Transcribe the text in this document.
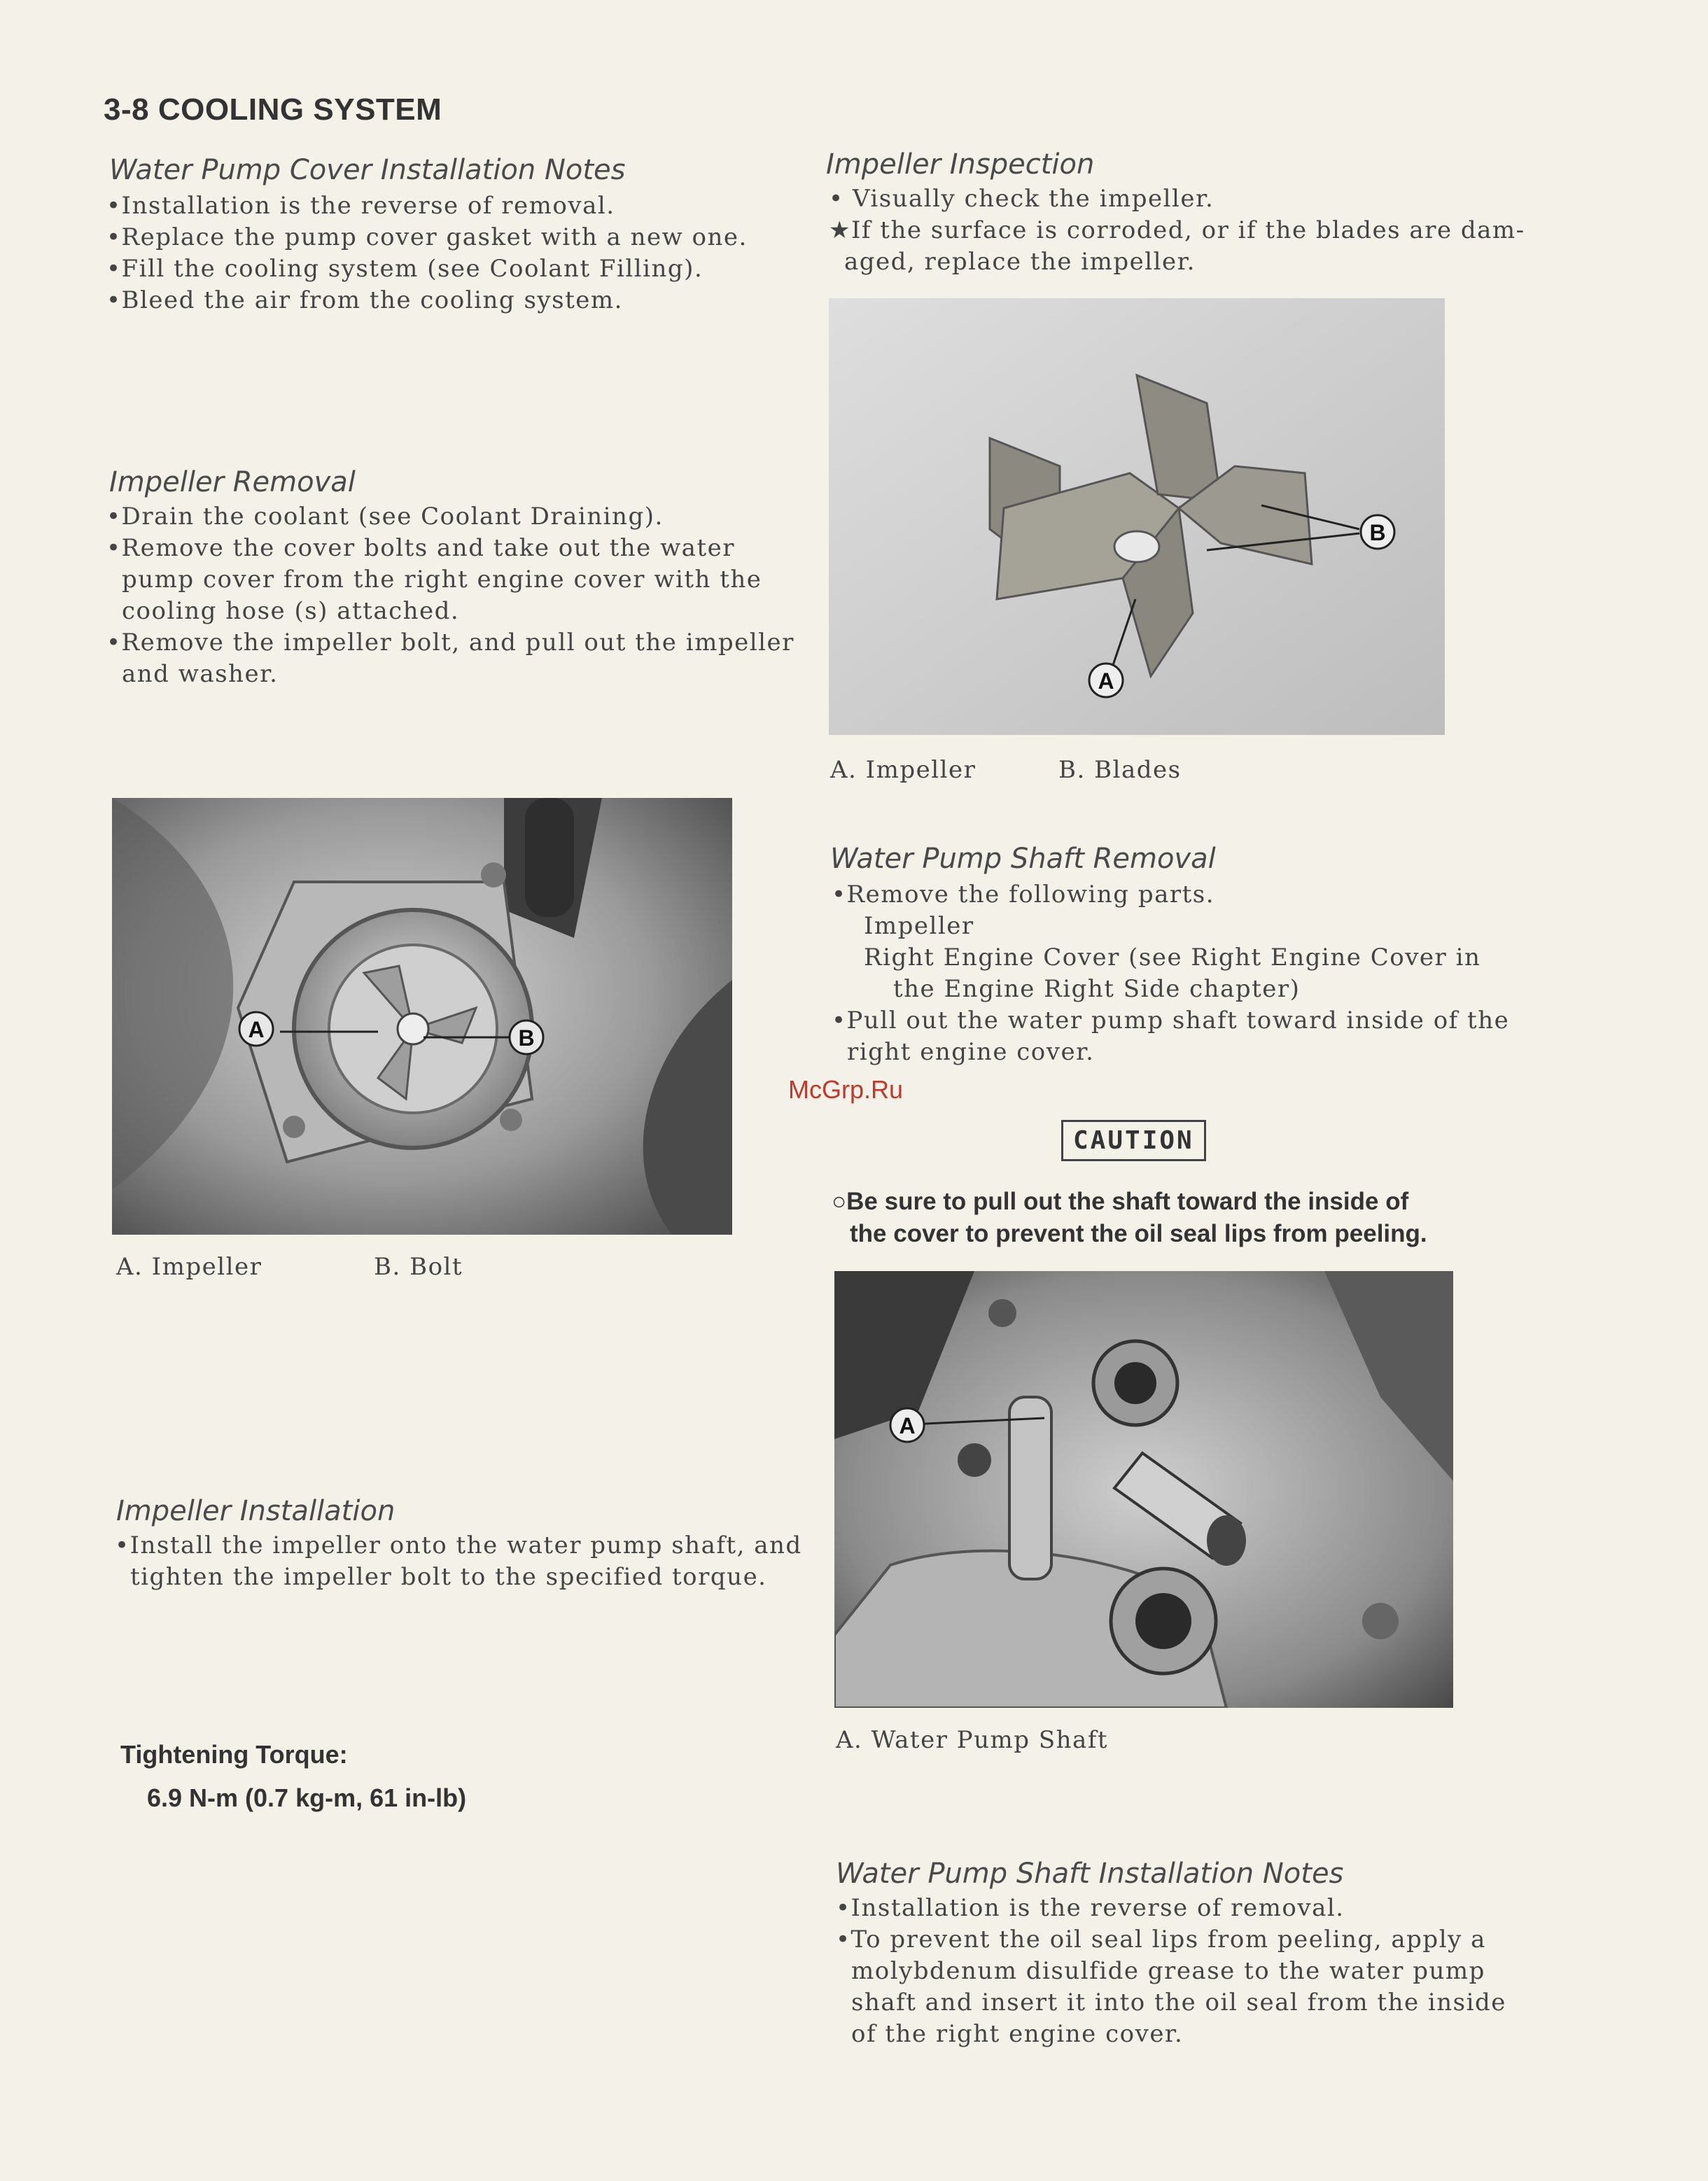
3-8 COOLING SYSTEM
Water Pump Cover Installation Notes
•Installation is the reverse of removal.
•Replace the pump cover gasket with a new one.
•Fill the cooling system (see Coolant Filling).
•Bleed the air from the cooling system.
Impeller Removal
•Drain the coolant (see Coolant Draining).
•Remove the cover bolts and take out the water
pump cover from the right engine cover with the
cooling hose (s) attached.
•Remove the impeller bolt, and pull out the impeller
and washer.
A	B
A. Impeller	B. Bolt
Impeller Installation
•Install the impeller onto the water pump shaft, and
tighten the impeller bolt to the specified torque.
Tightening Torque:
6.9 N-m (0.7 kg-m, 61 in-lb)
Impeller Inspection
• Visually check the impeller.
★If the surface is corroded, or if the blades are dam-
aged, replace the impeller.
B
A
A. Impeller	B. Blades
Water Pump Shaft Removal
•Remove the following parts.
Impeller
Right Engine Cover (see Right Engine Cover in
the Engine Right Side chapter)
•Pull out the water pump shaft toward inside of the
right engine cover.
McGrp.Ru
CAUTION
○Be sure to pull out the shaft toward the inside of
the cover to prevent the oil seal lips from peeling.
A
A. Water Pump Shaft
Water Pump Shaft Installation Notes
•Installation is the reverse of removal.
•To prevent the oil seal lips from peeling, apply a
molybdenum disulfide grease to the water pump
shaft and insert it into the oil seal from the inside
of the right engine cover.
